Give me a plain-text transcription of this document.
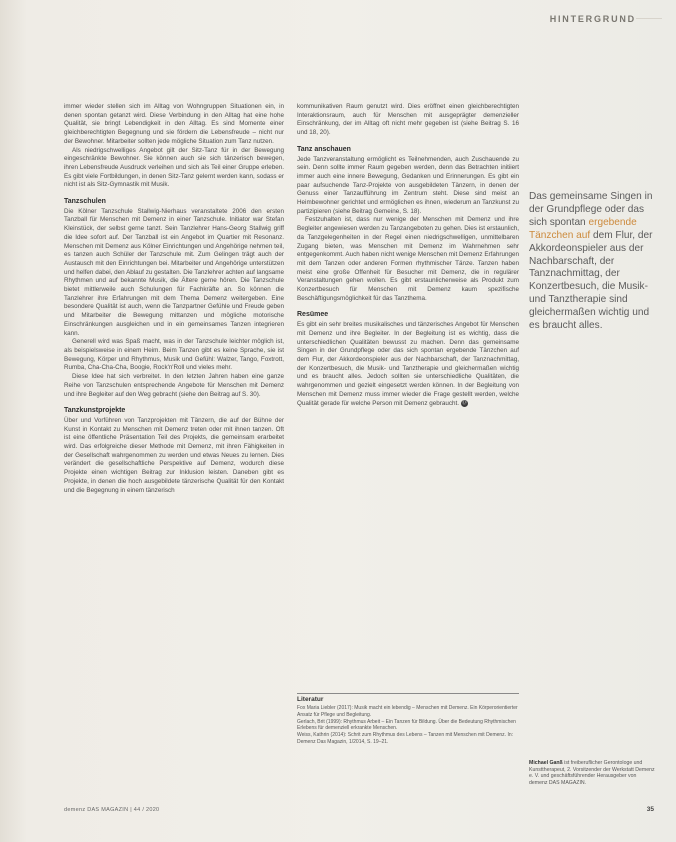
HINTERGRUND

immer wieder stellen sich im Alltag von Wohngruppen Situationen ein, in denen spontan getanzt wird. Diese Verbindung in den Alltag hat eine hohe Qualität, sie bringt Lebendigkeit in den Alltag. Es sind Momente einer gleichberechtigten Begegnung und sie fördern die Lebensfreude – nicht nur der Bewohner. Mitarbeiter sollten jede mögliche Situation zum Tanz nutzen.

Als niedrigschwelliges Angebot gilt der Sitz-Tanz für in der Bewegung eingeschränkte Bewohner. Sie können auch sie sich tänzerisch bewegen, ihren Lebensfreude Ausdruck verleihen und sich als Teil einer Gruppe erleben. Es gibt viele Fortbildungen, in denen Sitz-Tanz gelernt werden kann, sodass er nicht ist als Sitz-Gymnastik mit Musik.

Tanzschulen

Die Kölner Tanzschule Stallwig-Nierhaus veranstaltete 2006 den ersten Tanzball für Menschen mit Demenz in einer Tanzschule. Initiator war Stefan Kleinstück, der selbst gerne tanzt. Sein Tanzlehrer Hans-Georg Stallwig griff die Idee sofort auf. Der Tanzball ist ein Angebot im Quartier mit Resonanz. Menschen mit Demenz aus Kölner Einrichtungen und Angehörige nehmen teil, es tanzen auch Schüler der Tanzschule mit. Zum Gelingen trägt auch der Austausch mit den Einrichtungen bei. Mitarbeiter und Angehörige unterstützen und helfen dabei, den Ablauf zu gestalten. Die Tanzlehrer achten auf langsame Rhythmen und auf bekannte Musik, die Ältere gerne hören. Die Tanzschule bietet mittlerweile auch Schulungen für Fachkräfte an. So können die Tanzlehrer ihre Erfahrungen mit dem Thema Demenz weitergeben. Eine besondere Qualität ist auch, wenn die Tanzpartner Gefühle und Freude geben und Mitarbeiter die Bewegung mittanzen und mögliche motorische Einschränkungen ausgleichen und in ein gemeinsames Tanzen integrieren kann.

Generell wird was Spaß macht, was in der Tanzschule leichter möglich ist, als beispielsweise in einem Heim. Beim Tanzen gibt es keine Sprache, sie ist Bewegung, Körper und Rhythmus, Musik und Gefühl: Walzer, Tango, Foxtrott, Rumba, Cha-Cha-Cha, Boogie, Rock'n'Roll und vieles mehr.

Diese Idee hat sich verbreitet. In den letzten Jahren haben eine ganze Reihe von Tanzschulen entsprechende Angebote für Menschen mit Demenz und ihre Begleiter auf den Weg gebracht (siehe den Beitrag auf S. 30).

Tanzkunstprojekte

Über und Vorführen von Tanzprojekten mit Tänzern, die auf der Bühne der Kunst in Kontakt zu Menschen mit Demenz treten oder mit ihnen tanzen. Oft ist eine öffentliche Präsentation Teil des Projekts, die gemeinsam erarbeitet wird. Das erfolgreiche dieser Methode mit Demenz, mit ihren Fähigkeiten in der Gesellschaft wahrgenommen zu werden und etwas Neues zu lernen. Dies verändert die gesellschaftliche Perspektive auf Demenz, wodurch diese Projekte einen wichtigen Beitrag zur Inklusion leisten. Daneben gibt es Projekte, in denen die hoch ausgebildete tänzerische Qualität für den Kontakt und die Begegnung in einem tänzerisch

kommunikativen Raum genutzt wird. Dies eröffnet einen gleichberechtigten Interaktionsraum, auch für Menschen mit ausgeprägter demenzieller Einschränkung, der im Alltag oft nicht mehr gegeben ist (siehe Beitrag S. 16 und 18, 20).

Tanz anschauen

Jede Tanzveranstaltung ermöglicht es Teilnehmenden, auch Zuschauende zu sein. Denn sollte immer Raum gegeben werden, denn das Betrachten initiiert immer auch eine innere Bewegung, Gedanken und Erinnerungen. Es gibt ein paar aufsuchende Tanz-Projekte von ausgebildeten Tänzern, in denen der Genuss einer Tanzaufführung im Zentrum steht. Diese sind meist an Heimbewohner gerichtet und ermöglichen es ihnen, wiederum an Tanzkunst zu partizipieren (siehe Beitrag Gemeine, S. 18).

Festzuhalten ist, dass nur wenige der Menschen mit Demenz und ihre Begleiter angewiesen werden zu Tanzangeboten zu gehen. Dies ist erstaunlich, da Tanzgelegenheiten in der Regel einen niedrigschwelligen, unmittelbaren Zugang bieten, was Menschen mit Demenz im Wahrnehmen sehr entgegenkommt. Auch haben nicht wenige Menschen mit Demenz Erfahrungen mit dem Tanzen oder anderen Formen rhythmischer Tänze. Tanzen haben meist eine große Offenheit für Besucher mit Demenz, die in regulärer Veranstaltungen gehen wollen. Es gibt erstaunlicherweise als Produkt zum Konzertbesuch für Menschen mit Demenz kaum spezifische Beschäftigungsmöglichkeit für das Tanzthema.

Resümee

Es gibt ein sehr breites musikalisches und tänzerisches Angebot für Menschen mit Demenz und ihre Begleiter. In der Begleitung ist es wichtig, dass die unterschiedlichen Qualitäten bewusst zu machen. Denn das gemeinsame Singen in der Grundpflege oder das sich spontan ergebende Tänzchen auf dem Flur, der Akkordeonspieler aus der Nachbarschaft, der Tanznachmittag, der Konzertbesuch, die Musik- und Tanztherapie und gleichermaßen wichtig und es braucht alles. Jedoch sollten sie unterschiedliche Qualitäten, die wahrgenommen und gezielt eingesetzt werden können. In der Begleitung von Menschen mit Demenz muss immer wieder die Frage gestellt werden, welche Qualität gerade für welche Person mit Demenz gebraucht. Ⓓ

Das gemeinsame Singen in der Grundpflege oder das sich spontan ergebende Tänzchen auf dem Flur, der Akkordeonspieler aus der Nachbarschaft, der Tanznachmittag, der Konzertbesuch, die Musik- und Tanztherapie sind gleichermaßen wichtig und es braucht alles.
Literatur

Fox Maria Liebler (2017): Musik macht ein lebendig – Menschen mit Demenz. Ein Körperorientierter Ansatz für Pflege und Begleitung.

Gerlach, Brit (1999): Rhythmus Arbeit – Ein Tanzen für Bildung. Über die Bedeutung Rhythmischen Erlebens für demenziell erkrankte Menschen.

Weiss, Kathrin (2014): Schrit zum Rhythmus des Lebens – Tanzen mit Menschen mit Demenz. In: Demenz Das Magazin, 1/2014, S. 19–21.

Michael Ganß ist freiberuflicher Gerontologe und Kunsttherapeut, 2. Vorsitzender der Werkstatt Demenz e. V. und geschäftsführender Herausgeber von demenz DAS MAGAZIN.
demenz DAS MAGAZIN | 44 / 2020	35
